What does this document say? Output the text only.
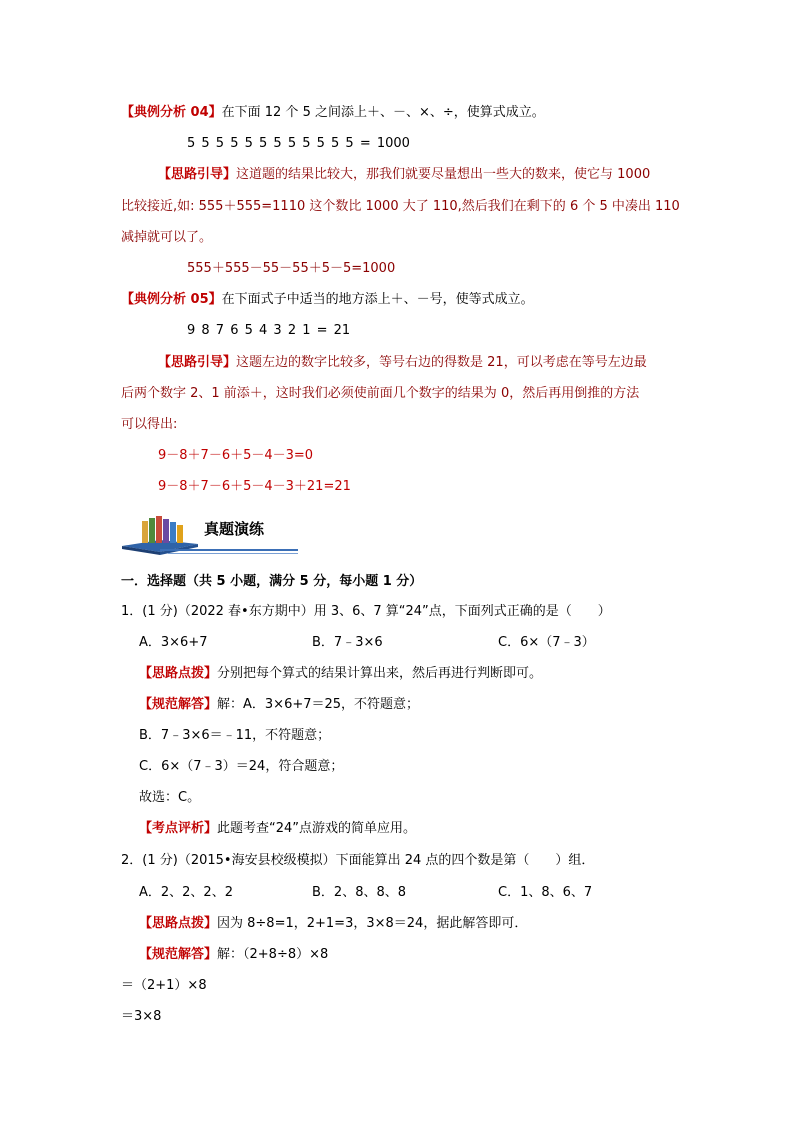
【典例分析 04】在下面 12 个 5 之间添上＋、－、×、÷，使算式成立。
5 5 5 5 5 5 5 5 5 5 5 5 = 1000
【思路引导】这道题的结果比较大，那我们就要尽量想出一些大的数来，使它与 1000
比较接近,如: 555＋555=1110 这个数比 1000 大了 110,然后我们在剩下的 6 个 5 中凑出 110
减掉就可以了。
555＋555－55－55＋5－5=1000
【典例分析 05】在下面式子中适当的地方添上＋、－号，使等式成立。
9 8 7 6 5 4 3 2 1 = 21
【思路引导】这题左边的数字比较多，等号右边的得数是 21，可以考虑在等号左边最
后两个数字 2、1 前添＋，这时我们必须使前面几个数字的结果为 0，然后再用倒推的方法
可以得出:
9－8＋7－6＋5－4－3=0
9－8＋7－6＋5－4－3＋21=21
真题演练
一．选择题（共 5 小题，满分 5 分，每小题 1 分）
1．(1 分)（2022 春•东方期中）用 3、6、7 算“24”点，下面列式正确的是（　　）
A．3×6+7	B．7﹣3×6	C．6×（7﹣3）
【思路点拨】分别把每个算式的结果计算出来，然后再进行判断即可。
【规范解答】解：A．3×6+7＝25，不符题意；
B．7﹣3×6＝﹣11，不符题意；
C．6×（7﹣3）＝24，符合题意；
故选：C。
【考点评析】此题考查“24”点游戏的简单应用。
2．(1 分)（2015•海安县校级模拟）下面能算出 24 点的四个数是第（　　）组．
A．2、2、2、2	B．2、8、8、8	C．1、8、6、7
【思路点拨】因为 8÷8=1，2+1=3，3×8＝24，据此解答即可．
【规范解答】解：（2+8÷8）×8
＝（2+1）×8
＝3×8
